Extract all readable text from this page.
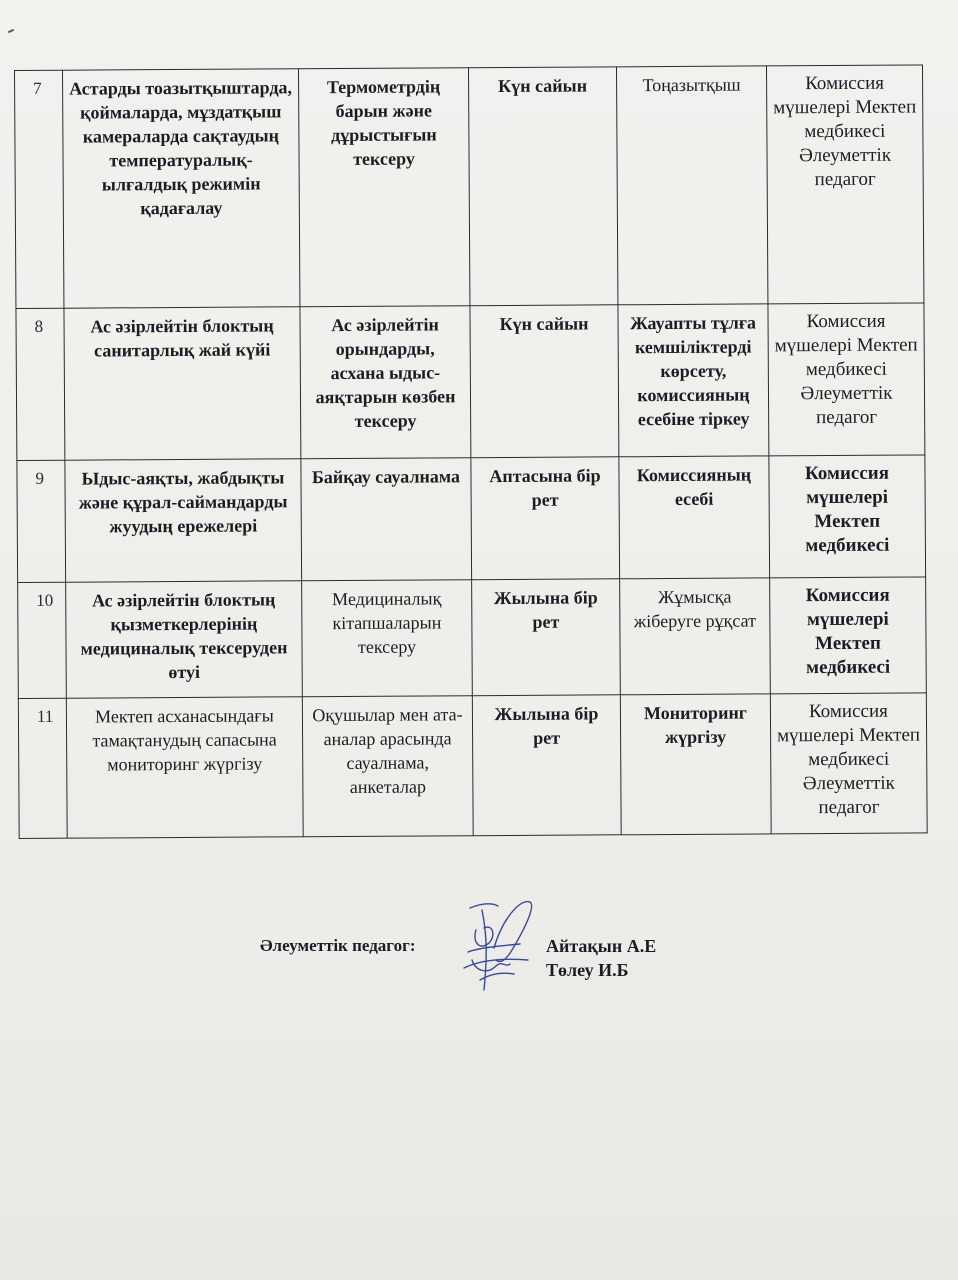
7	Астарды тоазытқыштарда, қоймаларда, мұздатқыш камераларда сақтаудың температуралық-ылғалдық режимін қадағалау	Термометрдің барын және дұрыстығын тексеру	Күн сайын	Тоңазытқыш	Комиссия мүшелері Мектеп медбикесі Әлеуметтік педагог
8	Ас әзірлейтін блоктың санитарлық жай күйі	Ас әзірлейтін орындарды, асхана ыдыс-аяқтарын көзбен тексеру	Күн сайын	Жауапты тұлға кемшіліктерді көрсету, комиссияның есебіне тіркеу	Комиссия мүшелері Мектеп медбикесі Әлеуметтік педагог
9	Ыдыс-аяқты, жабдықты және құрал-саймандарды жуудың ережелері	Байқау сауалнама	Аптасына бір рет	Комиссияның есебі	Комиссия мүшелері Мектеп медбикесі
10	Ас әзірлейтін блоктың қызметкерлерінің медициналық тексеруден өтуі	Медициналық кітапшаларын тексеру	Жылына бір рет	Жұмысқа жіберуге рұқсат	Комиссия мүшелері Мектеп медбикесі
11	Мектеп асханасындағы тамақтанудың сапасына мониторинг жүргізу	Оқушылар мен ата-аналар арасында сауалнама, анкеталар	Жылына бір рет	Мониторинг жүргізу	Комиссия мүшелері Мектеп медбикесі Әлеуметтік педагог
Әлеуметтік педагог:	Айтақын А.Е
Төлеу И.Б
